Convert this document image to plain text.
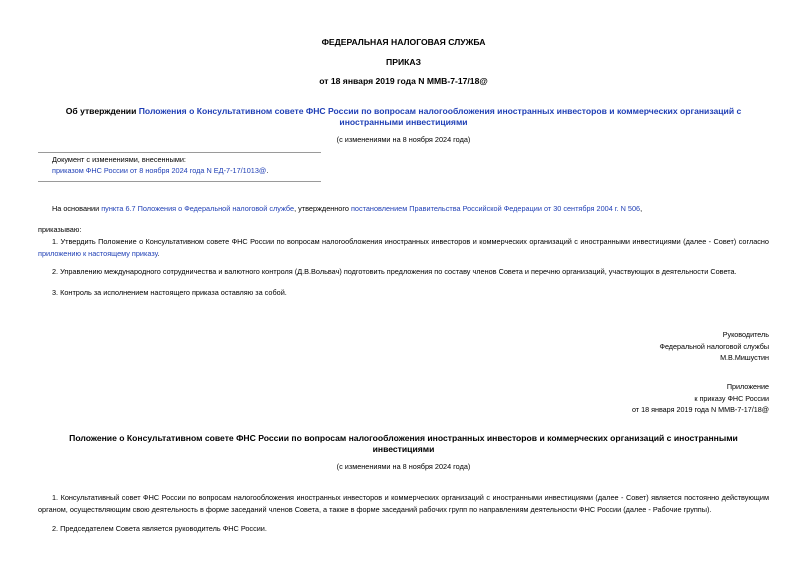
ФЕДЕРАЛЬНАЯ НАЛОГОВАЯ СЛУЖБА
ПРИКАЗ
от 18 января 2019 года N ММВ-7-17/18@
Об утверждении Положения о Консультативном совете ФНС России по вопросам налогообложения иностранных инвесторов и коммерческих организаций с иностранными инвестициями
(с изменениями на 8 ноября 2024 года)
Документ с изменениями, внесенными:
приказом ФНС России от 8 ноября 2024 года N ЕД-7-17/1013@.
На основании пункта 6.7 Положения о Федеральной налоговой службе, утвержденного постановлением Правительства Российской Федерации от 30 сентября 2004 г. N 506,
приказываю:
1. Утвердить Положение о Консультативном совете ФНС России по вопросам налогообложения иностранных инвесторов и коммерческих организаций с иностранными инвестициями (далее - Совет) согласно приложению к настоящему приказу.
2. Управлению международного сотрудничества и валютного контроля (Д.В.Вольвач) подготовить предложения по составу членов Совета и перечню организаций, участвующих в деятельности Совета.
3. Контроль за исполнением настоящего приказа оставляю за собой.
Руководитель
Федеральной налоговой службы
М.В.Мишустин
Приложение
к приказу ФНС России
от 18 января 2019 года N ММВ-7-17/18@
Положение о Консультативном совете ФНС России по вопросам налогообложения иностранных инвесторов и коммерческих организаций с иностранными инвестициями
(с изменениями на 8 ноября 2024 года)
1. Консультативный совет ФНС России по вопросам налогообложения иностранных инвесторов и коммерческих организаций с иностранными инвестициями (далее - Совет) является постоянно действующим органом, осуществляющим свою деятельность в форме заседаний членов Совета, а также в форме заседаний рабочих групп по направлениям деятельности ФНС России (далее - Рабочие группы).
2. Председателем Совета является руководитель ФНС России.
